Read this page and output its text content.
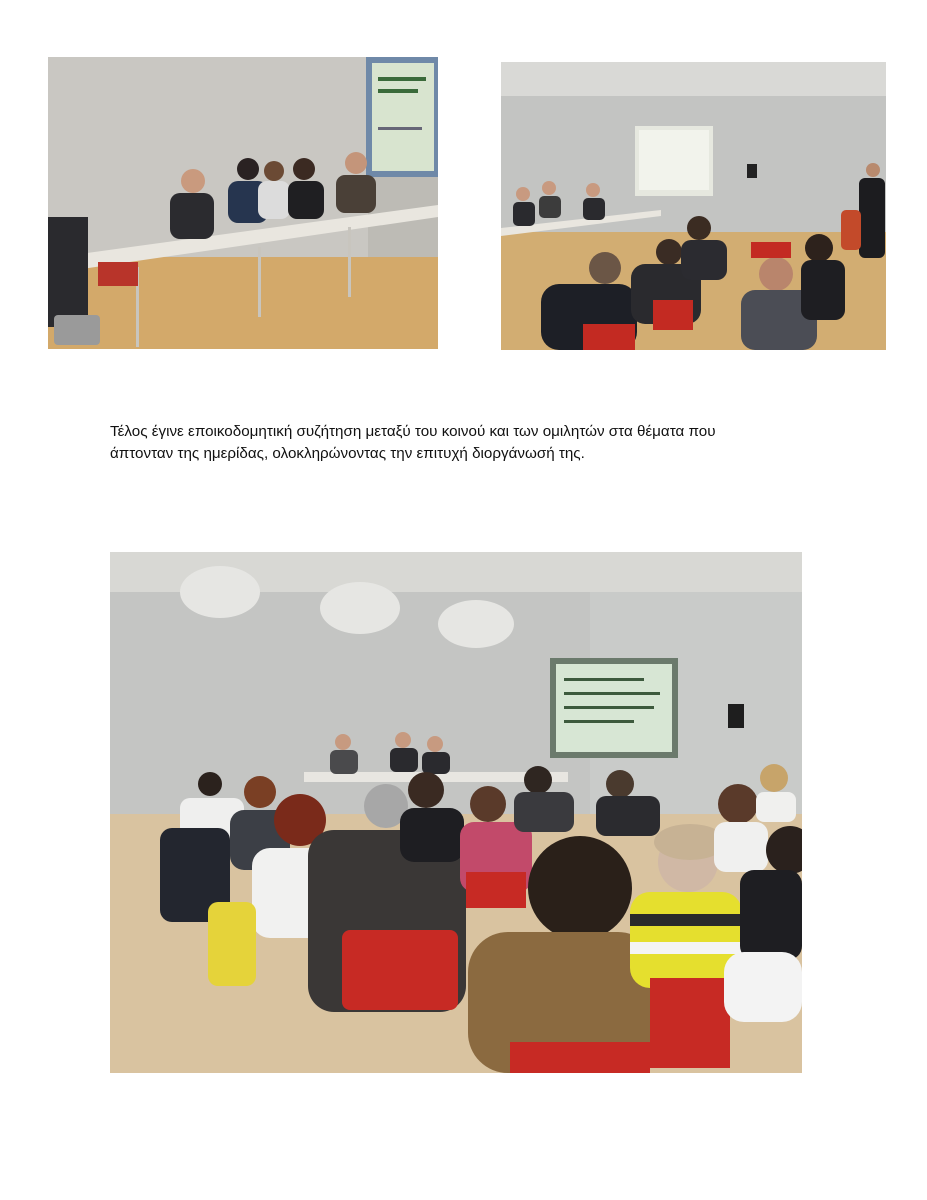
Τέλος έγινε εποικοδομητική συζήτηση μεταξύ του κοινού και των ομιλητών στα θέματα που

άπτονταν της ημερίδας, ολοκληρώνοντας την επιτυχή διοργάνωσή της.
